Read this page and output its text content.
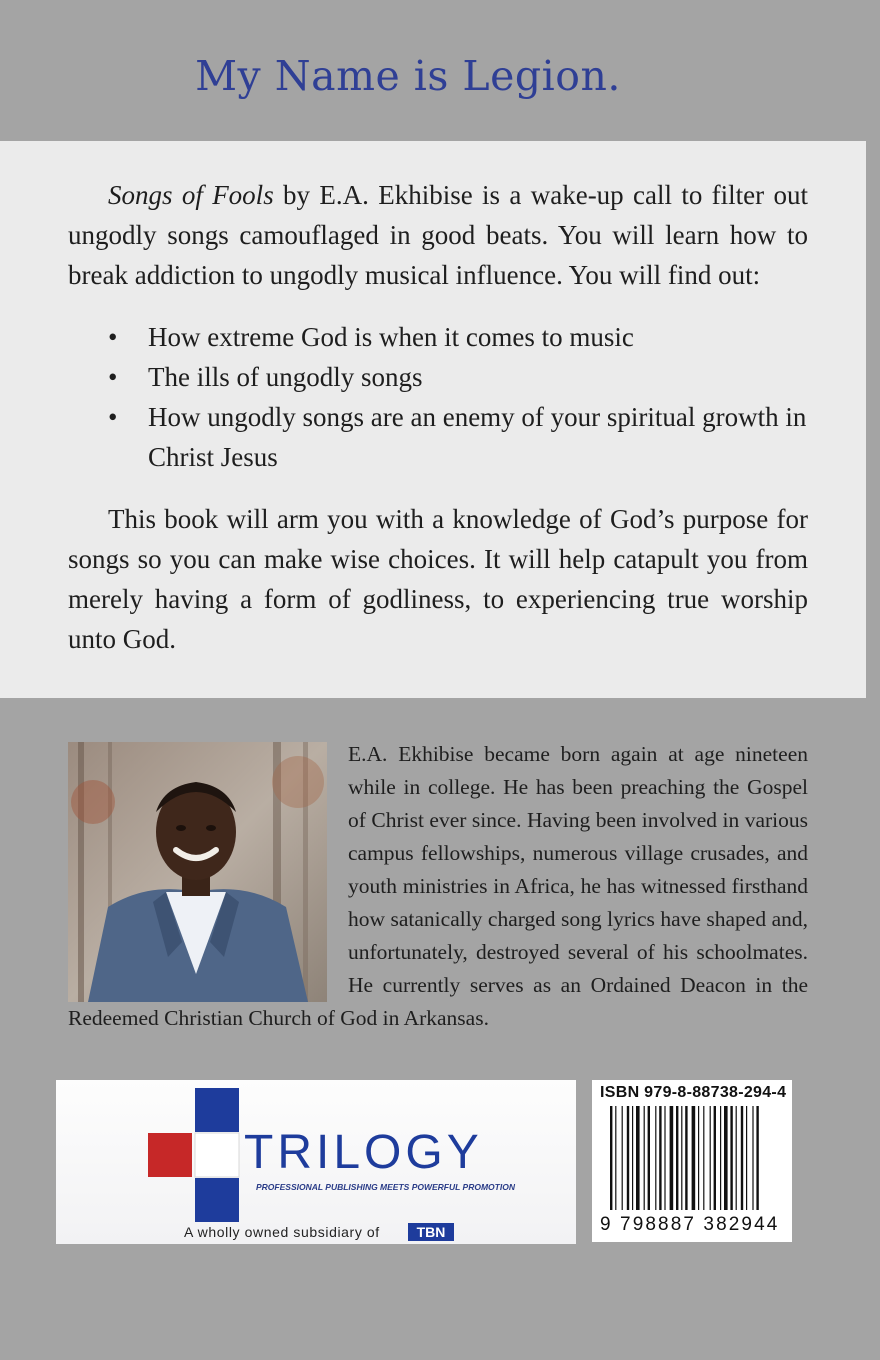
My Name is Legion.

Songs of Fools by E.A. Ekhibise is a wake-up call to filter out ungodly songs camouflaged in good beats. You will learn how to break addiction to ungodly musical influence. You will find out:

• How extreme God is when it comes to music
• The ills of ungodly songs
• How ungodly songs are an enemy of your spiritual growth in Christ Jesus

This book will arm you with a knowledge of God’s purpose for songs so you can make wise choices. It will help catapult you from merely having a form of godliness, to experiencing true worship unto God.

E.A. Ekhibise became born again at age nineteen while in college. He has been preaching the Gospel of Christ ever since. Having been involved in various campus fellowships, numerous village crusades, and youth ministries in Africa, he has witnessed firsthand how satanically charged song lyrics have shaped and, unfortunately, destroyed several of his schoolmates. He currently serves as an Ordained Deacon in the Redeemed Christian Church of God in Arkansas.

TRILOGY
PROFESSIONAL PUBLISHING MEETS POWERFUL PROMOTION
A wholly owned subsidiary of	TBN
ISBN 979-8-88738-294-4
9 798887 382944
